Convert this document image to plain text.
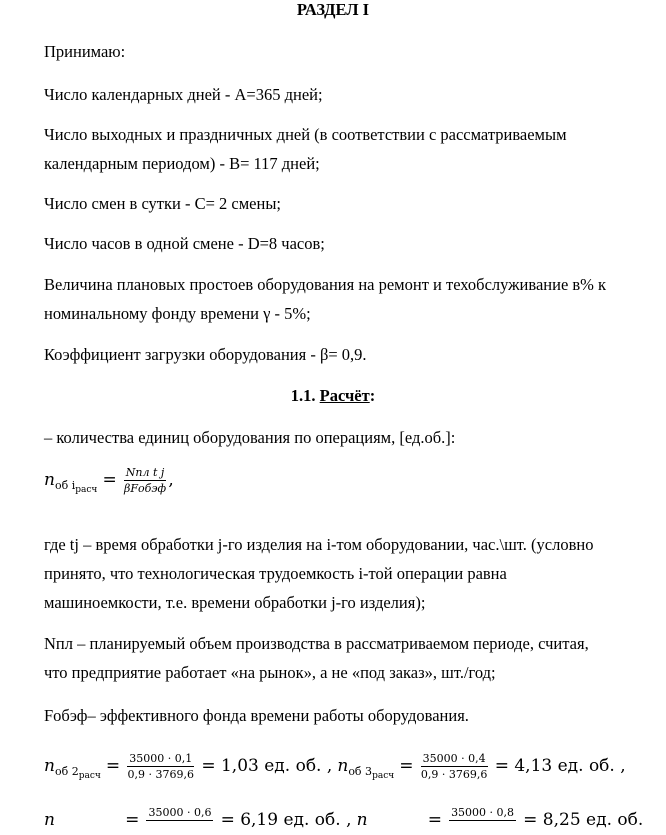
РАЗДЕЛ I
Принимаю:
Число календарных дней - A=365 дней;
Число выходных и праздничных дней (в соответствии с рассматриваемым
календарным периодом) - B= 117 дней;
Число смен в сутки - C= 2 смены;
Число часов в одной смене - D=8 часов;
Величина плановых простоев оборудования на ремонт и техобслуживание в% к
номинальному фонду времени γ - 5%;
Коэффициент загрузки оборудования - β= 0,9.
1.1. Расчёт:
– количества единиц оборудования по операциям, [ед.об.]:
$n_{об iрасч} = \frac{\text{Nпл t j}}{\text{βFобэф}}$ ,
где tj – время обработки j-го изделия на i-том оборудовании, час.\шт. (условно
принято, что технологическая трудоемкость i-той операции равна
машиноемкости, т.е. времени обработки j-го изделия);
Nпл – планируемый объем производства в рассматриваемом периоде, считая,
что предприятие работает «на рынок», а не «под заказ», шт./год;
Fобэф– эффективного фонда времени работы оборудования.
$n_{об 2расч} = \frac{35000 \cdot 0,1}{0,9 \cdot 3769,6} = 1,03$ ед. об. , $n_{об 3расч} = \frac{35000 \cdot 0,4}{0,9 \cdot 3769,6} = 4,13$ ед. об. ,
n	= 35000 · 0,6
= 6,19 ед. об. , n	= 35000 · 0,8
= 8,25 ед. об.
